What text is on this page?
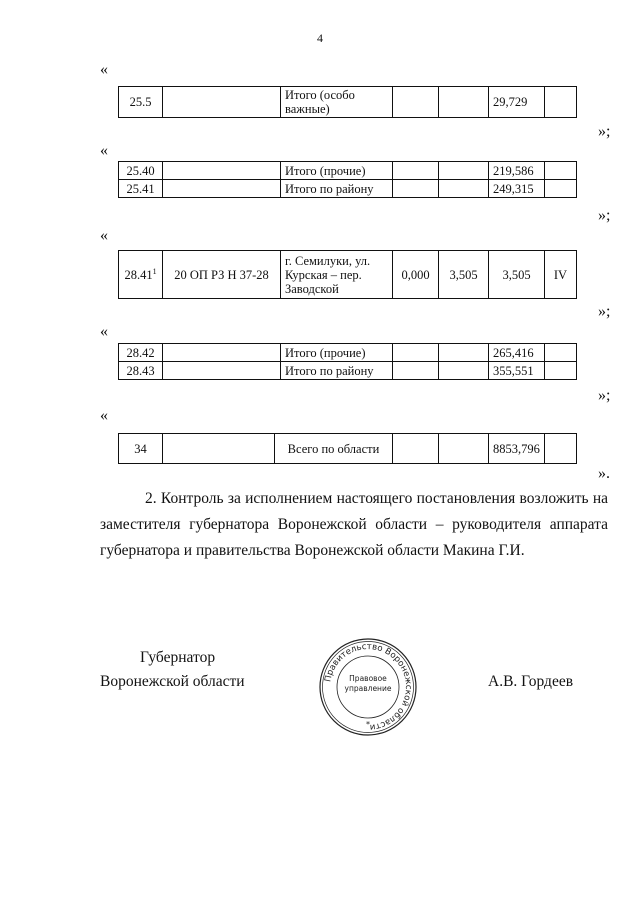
4
«
25.5		Итого (особо важные)			29,729	
»;
«
25.40		Итого (прочие)			219,586	
25.41		Итого по району			249,315	
»;
«
28.41$^1$	20 ОП РЗ Н 37-28	г. Семилуки, ул. Курская – пер. Заводской	0,000	3,505	3,505	IV
»;
«
28.42		Итого (прочие)			265,416	
28.43		Итого по району			355,551	
»;
«
34		Всего по области			8853,796	
».

2. Контроль за исполнением настоящего постановления возложить на заместителя губернатора Воронежской области – руководителя аппарата губернатора и правительства Воронежской области Макина Г.И.

Губернатор
Воронежской области	А.В. Гордеев
Правительство Воронежской области
Правовое
управление
*
